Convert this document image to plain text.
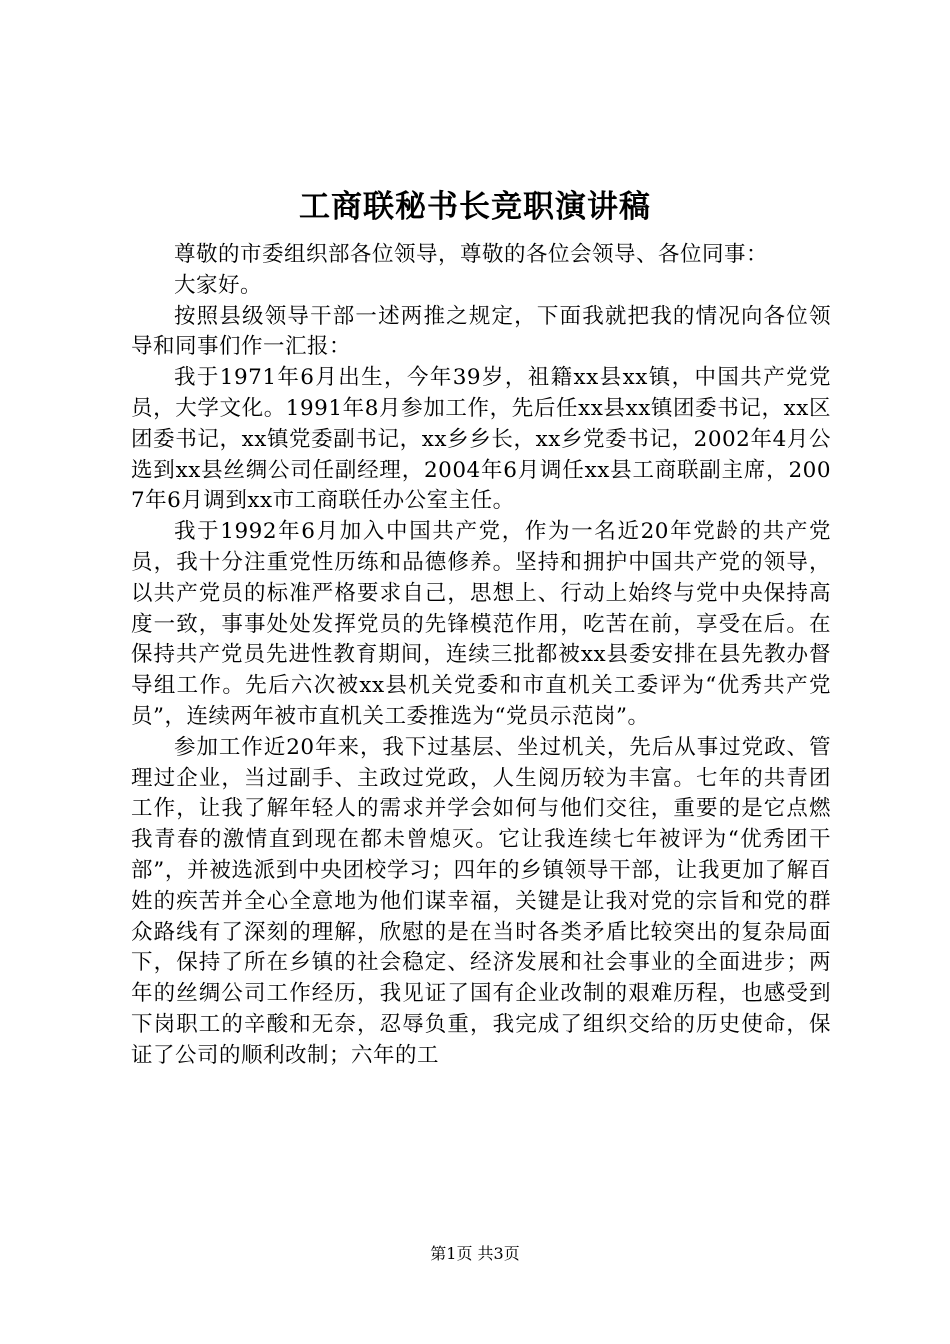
工商联秘书长竞职演讲稿

尊敬的市委组织部各位领导，尊敬的各位会领导、各位同事：

大家好。

按照县级领导干部一述两推之规定，下面我就把我的情况向各位领导和同事们作一汇报：

我于1971年6月出生，今年39岁，祖籍xx县xx镇，中国共产党党员，大学文化。1991年8月参加工作，先后任xx县xx镇团委书记，xx区团委书记，xx镇党委副书记，xx乡乡长，xx乡党委书记，2002年4月公选到xx县丝绸公司任副经理，2004年6月调任xx县工商联副主席，2007年6月调到xx市工商联任办公室主任。

我于1992年6月加入中国共产党，作为一名近20年党龄的共产党员，我十分注重党性历练和品德修养。坚持和拥护中国共产党的领导，以共产党员的标准严格要求自己，思想上、行动上始终与党中央保持高度一致，事事处处发挥党员的先锋模范作用，吃苦在前，享受在后。在保持共产党员先进性教育期间，连续三批都被xx县委安排在县先教办督导组工作。先后六次被xx县机关党委和市直机关工委评为“优秀共产党员”，连续两年被市直机关工委推选为“党员示范岗”。

参加工作近20年来，我下过基层、坐过机关，先后从事过党政、管理过企业，当过副手、主政过党政，人生阅历较为丰富。七年的共青团工作，让我了解年轻人的需求并学会如何与他们交往，重要的是它点燃我青春的激情直到现在都未曾熄灭。它让我连续七年被评为“优秀团干部”，并被选派到中央团校学习；四年的乡镇领导干部，让我更加了解百姓的疾苦并全心全意地为他们谋幸福，关键是让我对党的宗旨和党的群众路线有了深刻的理解，欣慰的是在当时各类矛盾比较突出的复杂局面下，保持了所在乡镇的社会稳定、经济发展和社会事业的全面进步；两年的丝绸公司工作经历，我见证了国有企业改制的艰难历程，也感受到下岗职工的辛酸和无奈，忍辱负重，我完成了组织交给的历史使命，保证了公司的顺利改制；六年的工

第1页 共3页
